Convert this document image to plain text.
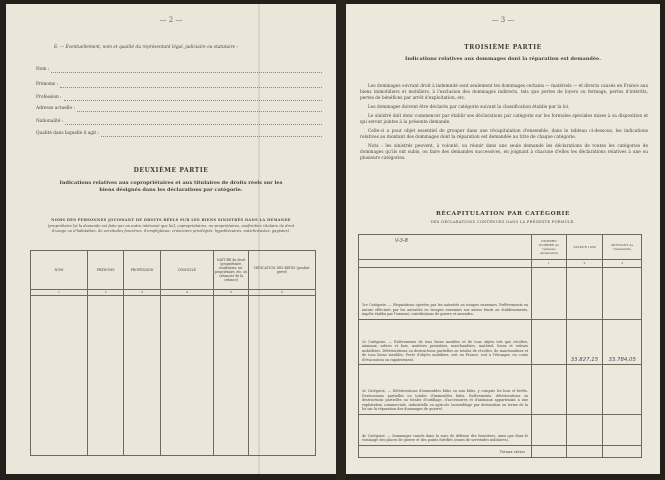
— 2 —
E. — Éventuellement, nom et qualité du représentant légal, judiciaire ou statutaire :
Nom :
Prénoms :
Profession :
Adresse actuelle :
Nationalité :
Qualité dans laquelle il agit :
DEUXIÈME PARTIE
Indications relatives aux copropriétaires et aux titulaires de droits réels sur les biens désignés dans les déclarations par catégorie.
NOMS DES PERSONNES JOUISSANT DE DROITS RÉELS SUR LES BIENS SINISTRÉS DANS LA DEMANDE
(propriétaire [si la demande est faite par un autre intéressé que lui], copropriétaires, nu-propriétaires, usufruitier, titulaire de droit d'usage ou d'habitation, de servitudes foncières, d'emphytéose, créanciers privilégiés, hypothécaires, antichrésistes, gagistes).
NOM	PRÉNOMS	PROFESSION	DOMICILE	NATURE du droit (propriétaire, usufruitier, nu-propriétaire, etc. ou créancier de la créance)	INDICATION DES BIENS (produit grevé)
1	2	3	4	5	6

— 3 —
TROISIÈME PARTIE
Indications relatives aux dommages dont la réparation est demandée.

Les dommages ouvrant droit à indemnité sont seulement les dommages certains — matériels — et directs causés en France aux biens immobiliers et mobiliers, à l'exclusion des dommages indirects, tels que pertes de loyers ou fermage, pertes d'intérêts, pertes de bénéfices par arrêt d'exploitation, etc.

Les dommages doivent être déclarés par catégorie suivant la classification établie par la loi.

Le sinistré doit donc commencer par établir ses déclarations par catégorie sur les formules spéciales mises à sa disposition et qui seront jointes à la présente demande.

Celle-ci a pour objet essentiel de grouper dans une récapitulation d'ensemble, dans le tableau ci-dessous, les indications relatives au montant des dommages dont la réparation est demandée au titre de chaque catégorie.

Nota : les sinistrés peuvent, à volonté, ou réunir dans une seule demande les déclarations de toutes les catégories de dommages qu'ils ont subis, ou faire des demandes successives, en joignant à chacune d'elles les déclarations relatives à une ou plusieurs catégories.

RÉCAPITULATION PAR CATÉGORIE
DES DÉCLARATIONS CONTENUES DANS LA PRÉSENTE FORMULE.
V-3-8	NUMÉRO D'ORDRE de l'annexe déclaration	VALEUR 1939	MONTANT de l'indemnité
	1	2	3
1re Catégorie. — Réquisitions opérées par les autorités en troupes ennemies. Prélèvements en nature effectués par les autorités en troupes ennemies sur autres fonds ou établissements, impôts établis par l'ennemi, contributions de guerre et amendes.			
2e Catégorie. — Enlèvements de tous biens meubles et de tous objets tels que récoltes, animaux, arbres et bois, matières premières, marchandises, matériel, biens et valeurs mobilières. Détériorations ou destructions partielles ou totales de récoltes, de marchandises et de tous biens meubles. Perte d'objets mobiliers, soit en France, soit à l'étranger, en cours d'évacuation ou rapatriement.		33.827,15	33.784,05
3e Catégorie. — Détériorations d'immeubles bâtis ou non bâtis, y compris les bois et forêts. Destructions partielles ou totales d'immeubles bâtis. Enlèvements, détériorations ou destructions partielles ou totales d'outillage, d'accessoires et d'animaux appartenant à une exploitation commerciale, industrielle ou agricole (assemblage par destination ou terme de la loi sur la réparation des dommages de guerre).			
4e Catégorie. — Dommages causés dans la zone de défense des frontières, ainsi que dans le voisinage des places de guerre et des points fortifiés (zones de servitudes militaires).			
Totaux séries			
